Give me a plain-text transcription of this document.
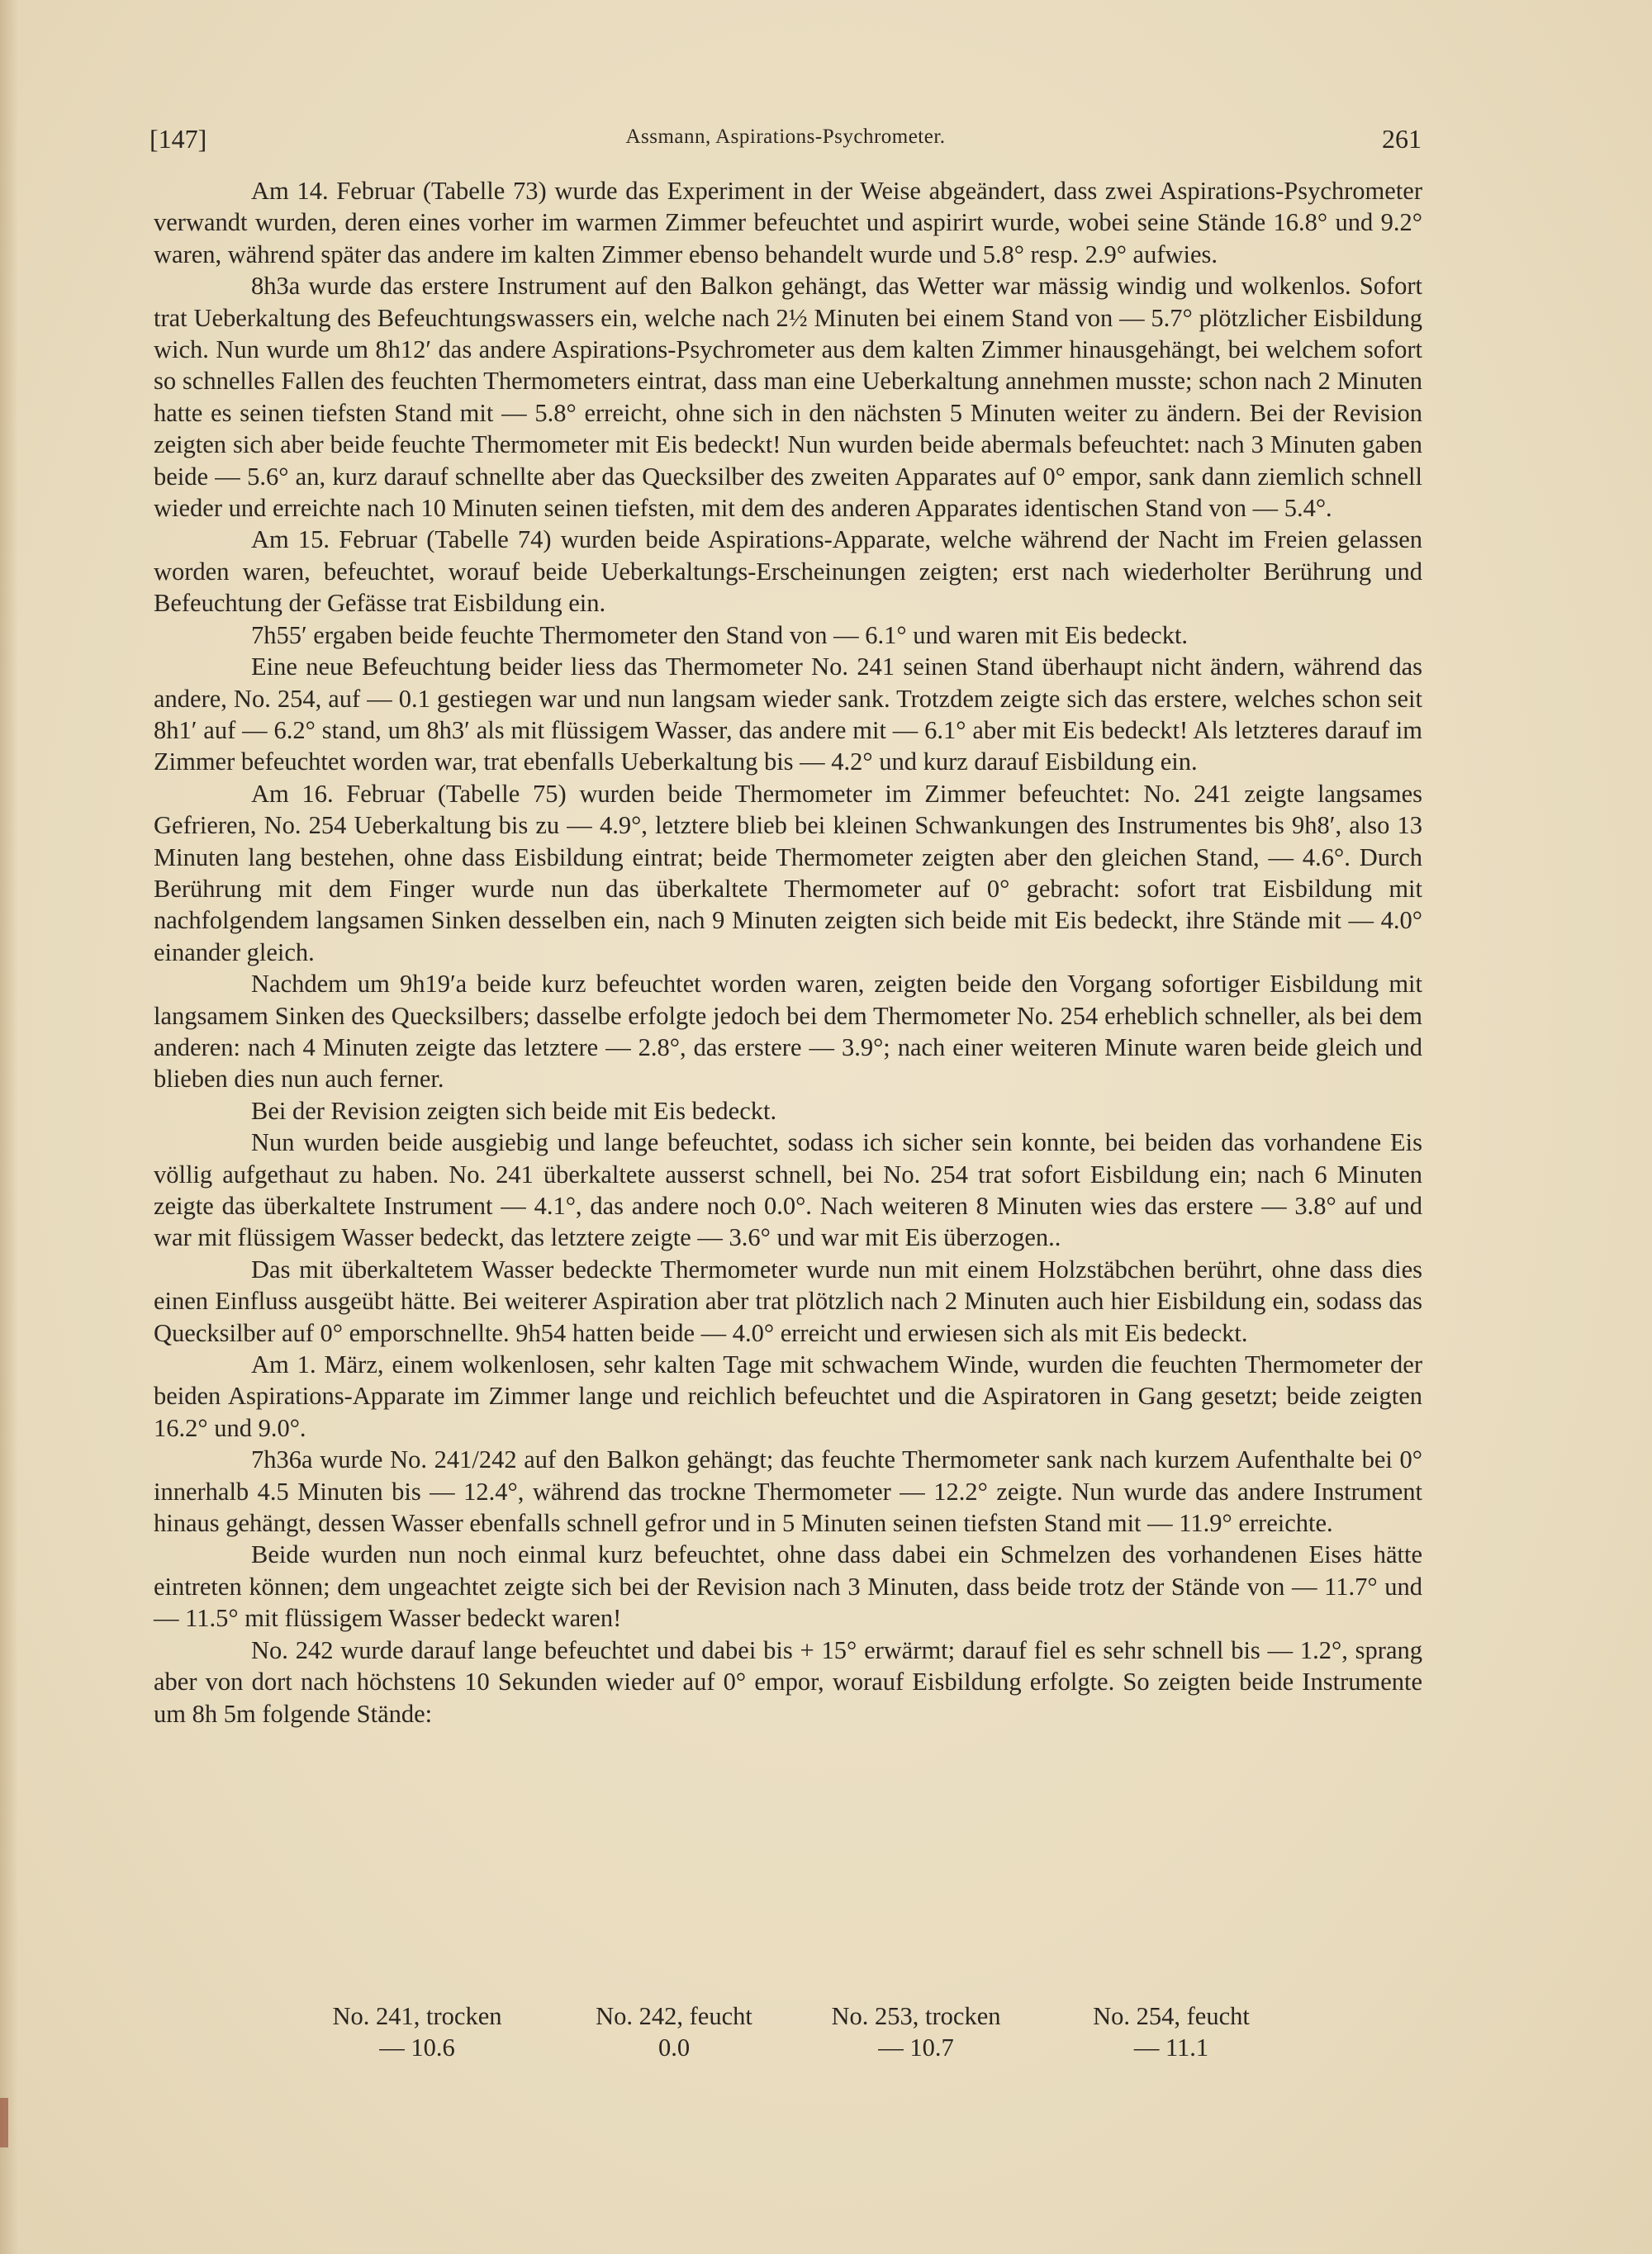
[147]	Assmann, Aspirations-Psychrometer.	261

Am 14. Februar (Tabelle 73) wurde das Experiment in der Weise abgeändert, dass zwei Aspirations-Psychrometer verwandt wurden, deren eines vorher im warmen Zimmer befeuchtet und aspirirt wurde, wobei seine Stände 16.8° und 9.2° waren, während später das andere im kalten Zimmer ebenso behandelt wurde und 5.8° resp. 2.9° aufwies.

8h3a wurde das erstere Instrument auf den Balkon gehängt, das Wetter war mässig windig und wolkenlos. Sofort trat Ueberkaltung des Befeuchtungswassers ein, welche nach 2½ Minuten bei einem Stand von — 5.7° plötzlicher Eisbildung wich. Nun wurde um 8h12′ das andere Aspirations-Psychrometer aus dem kalten Zimmer hinausgehängt, bei welchem sofort so schnelles Fallen des feuchten Thermometers eintrat, dass man eine Ueberkaltung annehmen musste; schon nach 2 Minuten hatte es seinen tiefsten Stand mit — 5.8° erreicht, ohne sich in den nächsten 5 Minuten weiter zu ändern. Bei der Revision zeigten sich aber beide feuchte Thermometer mit Eis bedeckt! Nun wurden beide abermals befeuchtet: nach 3 Minuten gaben beide — 5.6° an, kurz darauf schnellte aber das Quecksilber des zweiten Apparates auf 0° empor, sank dann ziemlich schnell wieder und erreichte nach 10 Minuten seinen tiefsten, mit dem des anderen Apparates identischen Stand von — 5.4°.

Am 15. Februar (Tabelle 74) wurden beide Aspirations-Apparate, welche während der Nacht im Freien gelassen worden waren, befeuchtet, worauf beide Ueberkaltungs-Erscheinungen zeigten; erst nach wiederholter Berührung und Befeuchtung der Gefässe trat Eisbildung ein.

7h55′ ergaben beide feuchte Thermometer den Stand von — 6.1° und waren mit Eis bedeckt.

Eine neue Befeuchtung beider liess das Thermometer No. 241 seinen Stand überhaupt nicht ändern, während das andere, No. 254, auf — 0.1 gestiegen war und nun langsam wieder sank. Trotzdem zeigte sich das erstere, welches schon seit 8h1′ auf — 6.2° stand, um 8h3′ als mit flüssigem Wasser, das andere mit — 6.1° aber mit Eis bedeckt! Als letzteres darauf im Zimmer befeuchtet worden war, trat ebenfalls Ueberkaltung bis — 4.2° und kurz darauf Eisbildung ein.

Am 16. Februar (Tabelle 75) wurden beide Thermometer im Zimmer befeuchtet: No. 241 zeigte langsames Gefrieren, No. 254 Ueberkaltung bis zu — 4.9°, letztere blieb bei kleinen Schwankungen des Instrumentes bis 9h8′, also 13 Minuten lang bestehen, ohne dass Eisbildung eintrat; beide Thermometer zeigten aber den gleichen Stand, — 4.6°. Durch Berührung mit dem Finger wurde nun das überkaltete Thermometer auf 0° gebracht: sofort trat Eisbildung mit nachfolgendem langsamen Sinken desselben ein, nach 9 Minuten zeigten sich beide mit Eis bedeckt, ihre Stände mit — 4.0° einander gleich.

Nachdem um 9h19′a beide kurz befeuchtet worden waren, zeigten beide den Vorgang sofortiger Eisbildung mit langsamem Sinken des Quecksilbers; dasselbe erfolgte jedoch bei dem Thermometer No. 254 erheblich schneller, als bei dem anderen: nach 4 Minuten zeigte das letztere — 2.8°, das erstere — 3.9°; nach einer weiteren Minute waren beide gleich und blieben dies nun auch ferner.

Bei der Revision zeigten sich beide mit Eis bedeckt.

Nun wurden beide ausgiebig und lange befeuchtet, sodass ich sicher sein konnte, bei beiden das vorhandene Eis völlig aufgethaut zu haben. No. 241 überkaltete ausserst schnell, bei No. 254 trat sofort Eisbildung ein; nach 6 Minuten zeigte das überkaltete Instrument — 4.1°, das andere noch 0.0°. Nach weiteren 8 Minuten wies das erstere — 3.8° auf und war mit flüssigem Wasser bedeckt, das letztere zeigte — 3.6° und war mit Eis überzogen..

Das mit überkaltetem Wasser bedeckte Thermometer wurde nun mit einem Holzstäbchen berührt, ohne dass dies einen Einfluss ausgeübt hätte. Bei weiterer Aspiration aber trat plötzlich nach 2 Minuten auch hier Eisbildung ein, sodass das Quecksilber auf 0° emporschnellte. 9h54 hatten beide — 4.0° erreicht und erwiesen sich als mit Eis bedeckt.

Am 1. März, einem wolkenlosen, sehr kalten Tage mit schwachem Winde, wurden die feuchten Thermometer der beiden Aspirations-Apparate im Zimmer lange und reichlich befeuchtet und die Aspiratoren in Gang gesetzt; beide zeigten 16.2° und 9.0°.

7h36a wurde No. 241/242 auf den Balkon gehängt; das feuchte Thermometer sank nach kurzem Aufenthalte bei 0° innerhalb 4.5 Minuten bis — 12.4°, während das trockne Thermometer — 12.2° zeigte. Nun wurde das andere Instrument hinaus gehängt, dessen Wasser ebenfalls schnell gefror und in 5 Minuten seinen tiefsten Stand mit — 11.9° erreichte.

Beide wurden nun noch einmal kurz befeuchtet, ohne dass dabei ein Schmelzen des vorhandenen Eises hätte eintreten können; dem ungeachtet zeigte sich bei der Revision nach 3 Minuten, dass beide trotz der Stände von — 11.7° und — 11.5° mit flüssigem Wasser bedeckt waren!

No. 242 wurde darauf lange befeuchtet und dabei bis + 15° erwärmt; darauf fiel es sehr schnell bis — 1.2°, sprang aber von dort nach höchstens 10 Sekunden wieder auf 0° empor, worauf Eisbildung erfolgte. So zeigten beide Instrumente um 8h 5m folgende Stände:

No. 241, trocken	No. 242, feucht	No. 253, trocken	No. 254, feucht
— 10.6	0.0	— 10.7	— 11.1
